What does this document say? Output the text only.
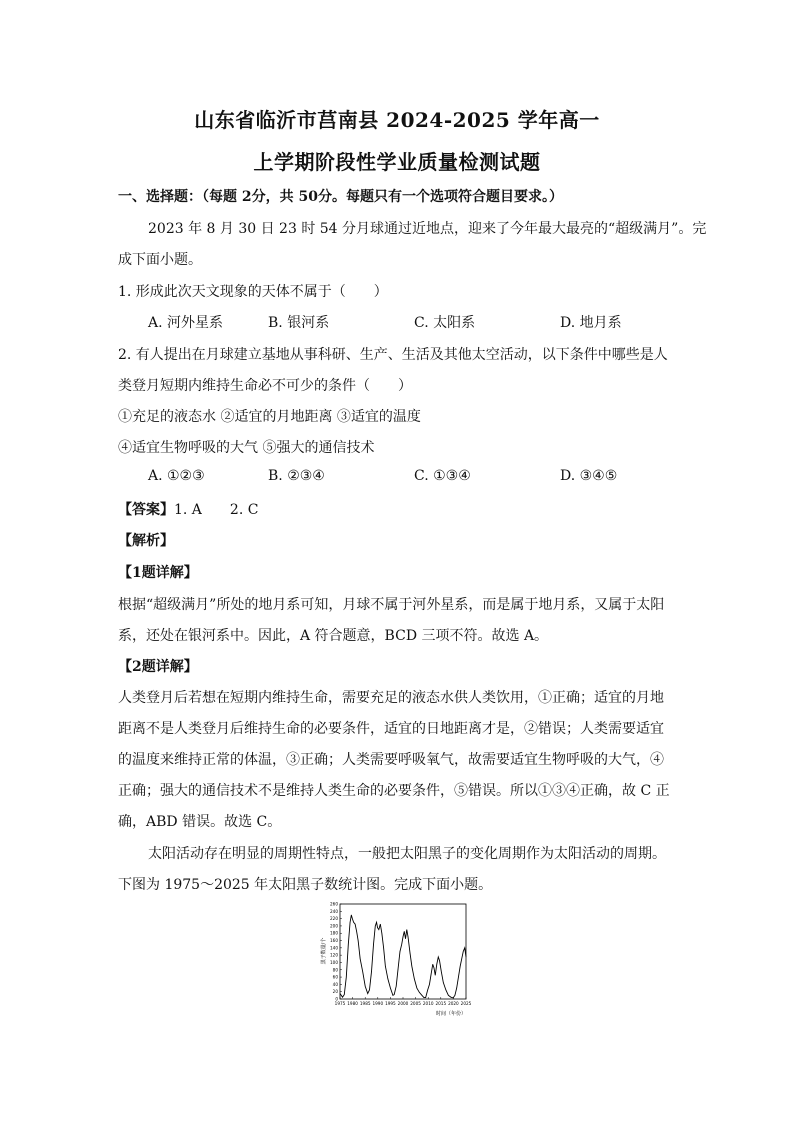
山东省临沂市莒南县 2024-2025 学年高一
上学期阶段性学业质量检测试题
一、选择题：（每题 2分，共 50分。每题只有一个选项符合题目要求。）
2023 年 8 月 30 日 23 时 54 分月球通过近地点，迎来了今年最大最亮的“超级满月”。完
成下面小题。
1. 形成此次天文现象的天体不属于（　　）
A. 河外星系	B. 银河系	C. 太阳系	D. 地月系
2. 有人提出在月球建立基地从事科研、生产、生活及其他太空活动，以下条件中哪些是人
类登月短期内维持生命必不可少的条件（　　）
①充足的液态水 ②适宜的月地距离 ③适宜的温度
④适宜生物呼吸的大气 ⑤强大的通信技术
A. ①②③	B. ②③④	C. ①③④	D. ③④⑤
【答案】1. A　　2. C
【解析】
【1题详解】
根据“超级满月”所处的地月系可知，月球不属于河外星系，而是属于地月系，又属于太阳
系，还处在银河系中。因此，A 符合题意，BCD 三项不符。故选 A。
【2题详解】
人类登月后若想在短期内维持生命，需要充足的液态水供人类饮用，①正确；适宜的月地
距离不是人类登月后维持生命的必要条件，适宜的日地距离才是，②错误；人类需要适宜
的温度来维持正常的体温，③正确；人类需要呼吸氧气，故需要适宜生物呼吸的大气，④
正确；强大的通信技术不是维持人类生命的必要条件，⑤错误。所以①③④正确，故 C 正
确，ABD 错误。故选 C。
太阳活动存在明显的周期性特点，一般把太阳黑子的变化周期作为太阳活动的周期。
下图为 1975～2025 年太阳黑子数统计图。完成下面小题。
0
20
40
60
80
100
120
140
160
180
200
220
240
260
1975 1980 1985 1990 1995 2000 2005 2010 2015 2020 2025
黑子数量/个
时间（年份）
